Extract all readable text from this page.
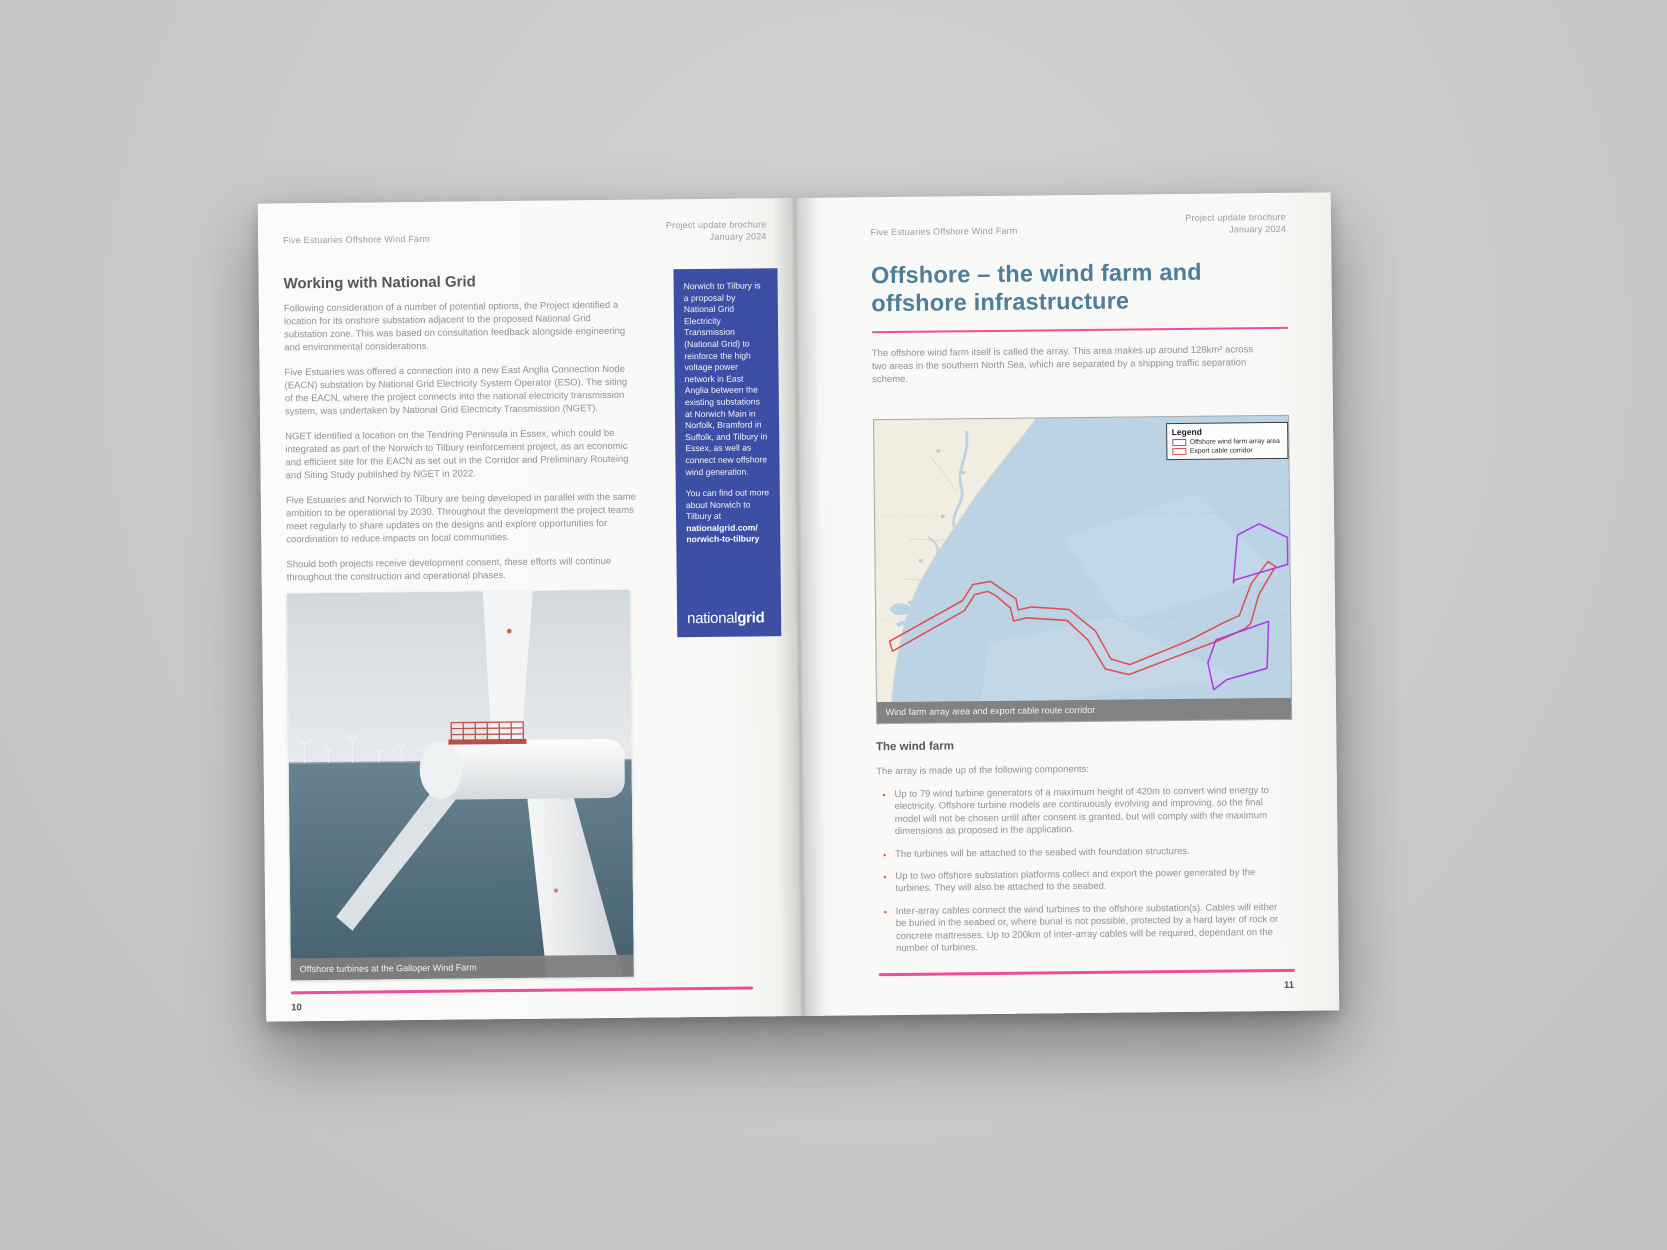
Five Estuaries Offshore Wind Farm
Project update brochure
January 2024
Working with National Grid

Following consideration of a number of potential options, the Project identified a location for its onshore substation adjacent to the proposed National Grid substation zone. This was based on consultation feedback alongside engineering and environmental considerations.

Five Estuaries was offered a connection into a new East Anglia Connection Node (EACN) substation by National Grid Electricity System Operator (ESO). The siting of the EACN, where the project connects into the national electricity transmission system, was undertaken by National Grid Electricity Transmission (NGET).

NGET identified a location on the Tendring Peninsula in Essex, which could be integrated as part of the Norwich to Tilbury reinforcement project, as an economic and efficient site for the EACN as set out in the Corridor and Preliminary Routeing and Siting Study published by NGET in 2022.

Five Estuaries and Norwich to Tilbury are being developed in parallel with the same ambition to be operational by 2030. Throughout the development the project teams meet regularly to share updates on the designs and explore opportunities for coordination to reduce impacts on local communities.

Should both projects receive development consent, these efforts will continue throughout the construction and operational phases.

Norwich to Tilbury is a proposal by National Grid Electricity Transmission (National Grid) to reinforce the high voltage power network in East Anglia between the existing substations at Norwich Main in Norfolk, Bramford in Suffolk, and Tilbury in Essex, as well as connect new offshore wind generation.

You can find out more about Norwich to Tilbury at nationalgrid.com/norwich-to-tilbury

nationalgrid
Offshore turbines at the Galloper Wind Farm
10
Five Estuaries Offshore Wind Farm
Project update brochure
January 2024
Offshore – the wind farm and
offshore infrastructure
The offshore wind farm itself is called the array. This area makes up around 128km² across two areas in the southern North Sea, which are separated by a shipping traffic separation scheme.
Legend
Offshore wind farm array area
Export cable corridor
Wind farm array area and export cable route corridor
The wind farm
The array is made up of the following components:
• Up to 79 wind turbine generators of a maximum height of 420m to convert wind energy to electricity. Offshore turbine models are continuously evolving and improving, so the final model will not be chosen until after consent is granted, but will comply with the maximum dimensions as proposed in the application.
• The turbines will be attached to the seabed with foundation structures.
• Up to two offshore substation platforms collect and export the power generated by the turbines. They will also be attached to the seabed.
• Inter-array cables connect the wind turbines to the offshore substation(s). Cables will either be buried in the seabed or, where burial is not possible, protected by a hard layer of rock or concrete mattresses. Up to 200km of inter-array cables will be required, dependant on the number of turbines.
11
